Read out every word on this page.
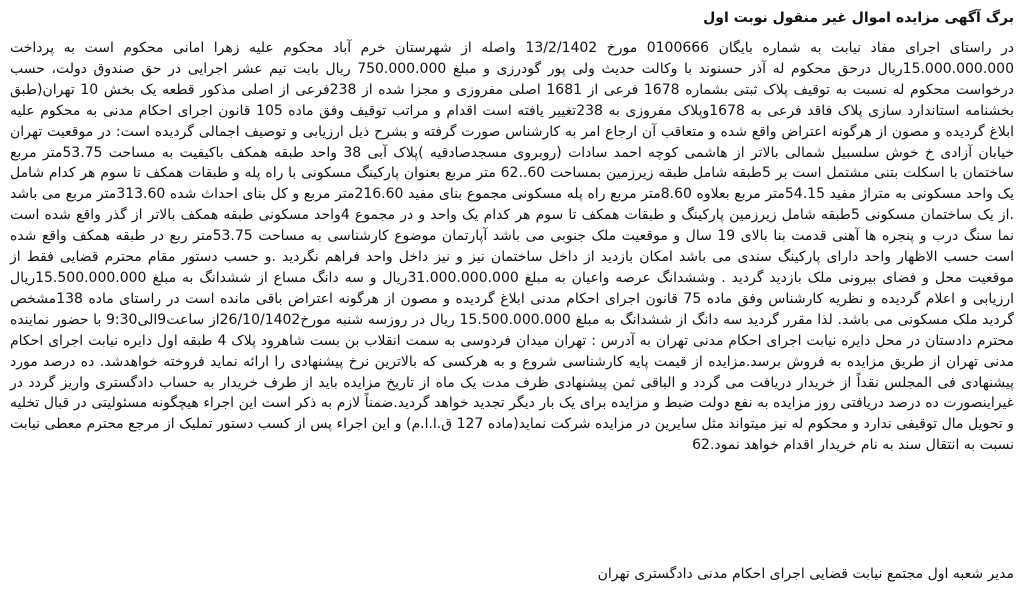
برگ آگهی مزایده اموال غیر منقول نوبت اول

در راستای اجرای مفاد نیابت به شماره بایگان 0100666 مورخ 13/2/1402 واصله از شهرستان خرم آباد محکوم علیه زهرا امانی محکوم است به پرداخت 15.000.000.000ریال درحق محکوم له آذر حسنوند با وکالت حدیث ولی پور گودرزی و مبلغ 750.000.000 ریال بابت نیم عشر اجرایی در حق صندوق دولت، حسب درخواست محکوم له نسبت به توقیف پلاک ثبتی بشماره 1678 فرعی از 1681 اصلی مفروزی و مجزا شده از 238فرعی از اصلی مذکور قطعه یک بخش 10 تهران(طبق بخشنامه استاندارد سازی پلاک فاقد فرعی به 1678وپلاک مفروزی به 238تغییر یافته است اقدام و مراتب توقیف وفق ماده 105 قانون اجرای احکام مدنی به محکوم علیه ابلاغ گردیده و مصون از هرگونه اعتراض واقع شده و متعاقب آن ارجاع امر به کارشناس صورت گرفته و بشرح ذیل ارزیابی و توصیف اجمالی گردیده است: در موقعیت تهران خیابان آزادی خ خوش سلسبیل شمالی بالاتر از هاشمی کوچه احمد سادات (روبروی مسجدصادقیه )پلاک آبی 38 واحد طبقه همکف باکیفیت به مساحت 53.75متر مربع ساختمان با اسکلت بتنی مشتمل است بر 5طبقه شامل طبقه زیرزمین بمساحت 60..62 متر مربع بعنوان پارکینگ مسکونی با راه پله و طبقات همکف تا سوم هر کدام شامل یک واحد مسکونی به متراژ مفید 54.15متر مربع بعلاوه 8.60متر مربع راه پله مسکونی مجموع بنای مفید 216.60متر مربع و کل بنای احداث شده 313.60متر مربع می باشد .از یک ساختمان مسکونی 5طبقه شامل زیرزمین پارکینگ و طبقات همکف تا سوم هر کدام یک واحد و در مجموع 4واحد مسکونی طبقه همکف بالاتر از گذر واقع شده است نما سنگ درب و پنجره ها آهنی قدمت بنا بالای 19 سال و موقعیت ملک جنوبی می باشد آپارتمان موضوع کارشناسی به مساحت 53.75متر ربع در طبقه همکف واقع شده است حسب الاظهار واحد دارای پارکینگ سندی می باشد امکان بازدید از داخل ساختمان نیز و نیز داخل واحد فراهم نگردید .و حسب دستور مقام محترم قضایی فقط از موقعیت محل و فضای بیرونی ملک بازدید گردید . وششدانگ عرصه واعیان به مبلغ 31.000.000.000ریال و سه دانگ مساع از ششدانگ به مبلغ 15.500.000.000ریال ارزیابی و اعلام گردیده و نظریه کارشناس وفق ماده 75 قانون اجرای احکام مدنی ابلاغ گردیده و مصون از هرگونه اعتراض باقی مانده است در راستای ماده 138مشخص گردید ملک مسکونی می باشد. لذا مقرر گردید سه دانگ از ششدانگ به مبلغ 15.500.000.000 ریال در روزسه شنبه مورخ26/10/1402از ساعت9الی9:30 با حضور نماینده محترم دادستان در محل دایره نیابت اجرای احکام مدنی تهران به آدرس : تهران میدان فردوسی به سمت انقلاب بن بست شاهرود پلاک 4 طبقه اول دایره نیابت اجرای احکام مدنی تهران از طریق مزایده به فروش برسد.مزایده از قیمت پایه کارشناسی شروع و به هرکسی که بالاترین نرخ پیشنهادی را ارائه نماید فروخته خواهدشد. ده درصد مورد پیشنهادی فی المجلس نقداً از خریدار دریافت می گردد و الباقی ثمن پیشنهادی ظرف مدت یک ماه از تاریخ مزایده باید از طرف خریدار به حساب دادگستری واریز گردد در غیراینصورت ده درصد دریافتی روز مزایده به نفع دولت ضبط و مزایده برای یک بار دیگر تجدید خواهد گردید.ضمناً لازم به ذکر است این اجراء هیچگونه مسئولیتی در قبال تخلیه و تحویل مال توقیفی ندارد و محکوم له نیز میتواند مثل سایرین در مزایده شرکت نماید(ماده 127 ق.ا.ا.م) و این اجراء پس از کسب دستور تملیک از مرجع محترم معطی نیابت نسبت به انتقال سند به نام خریدار اقدام خواهد نمود.62

مدیر شعبه اول مجتمع نیابت قضایی اجرای احکام مدنی دادگستری تهران
